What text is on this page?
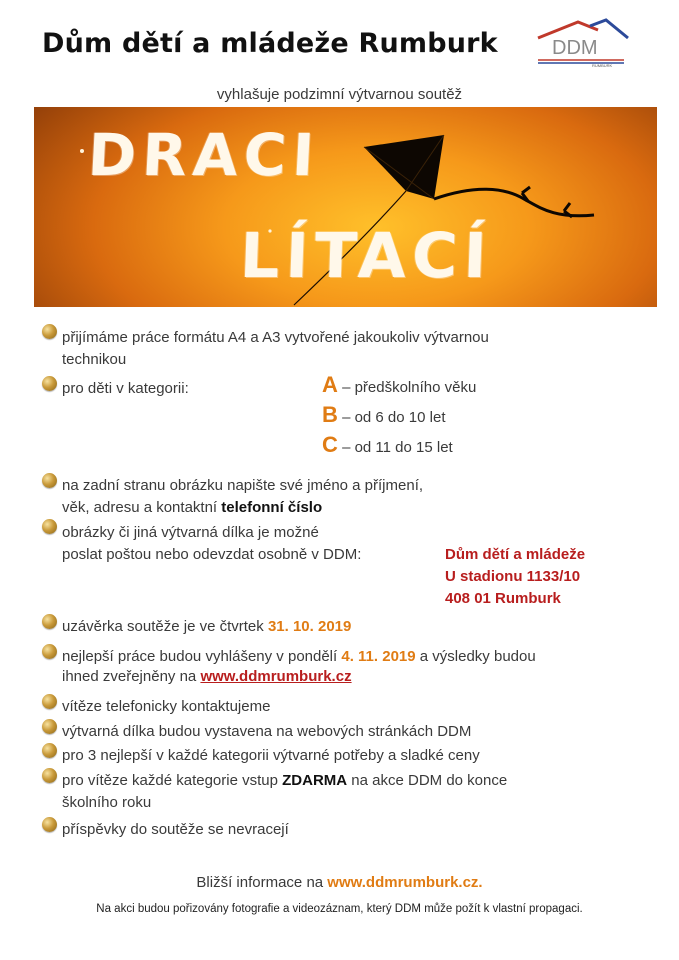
Dům dětí a mládeže Rumburk	DDM
RUMBURK
vyhlašuje podzimní výtvarnou soutěž
DRACI
LÍTACÍ
přijímáme práce formátu A4 a A3 vytvořené jakoukoliv výtvarnou
technikou
pro děti v kategorii:	A – předškolního věku
B – od 6 do 10 let
C – od 11 do 15 let
na zadní stranu obrázku napište své jméno a příjmení,
věk, adresu a kontaktní telefonní číslo
obrázky či jiná výtvarná dílka je možné
poslat poštou nebo odevzdat osobně v DDM:	Dům dětí a mládeže
U stadionu 1133/10
408 01 Rumburk
uzávěrka soutěže je ve čtvrtek 31. 10. 2019
nejlepší práce budou vyhlášeny v pondělí 4. 11. 2019 a výsledky budou
ihned zveřejněny na www.ddmrumburk.cz
vítěze telefonicky kontaktujeme
výtvarná dílka budou vystavena na webových stránkách DDM
pro 3 nejlepší v každé kategorii výtvarné potřeby a sladké ceny
pro vítěze každé kategorie vstup ZDARMA na akce DDM do konce
školního roku
příspěvky do soutěže se nevracejí
Bližší informace na www.ddmrumburk.cz.
Na akci budou pořizovány fotografie a videozáznam, který DDM může požít k vlastní propagaci.
